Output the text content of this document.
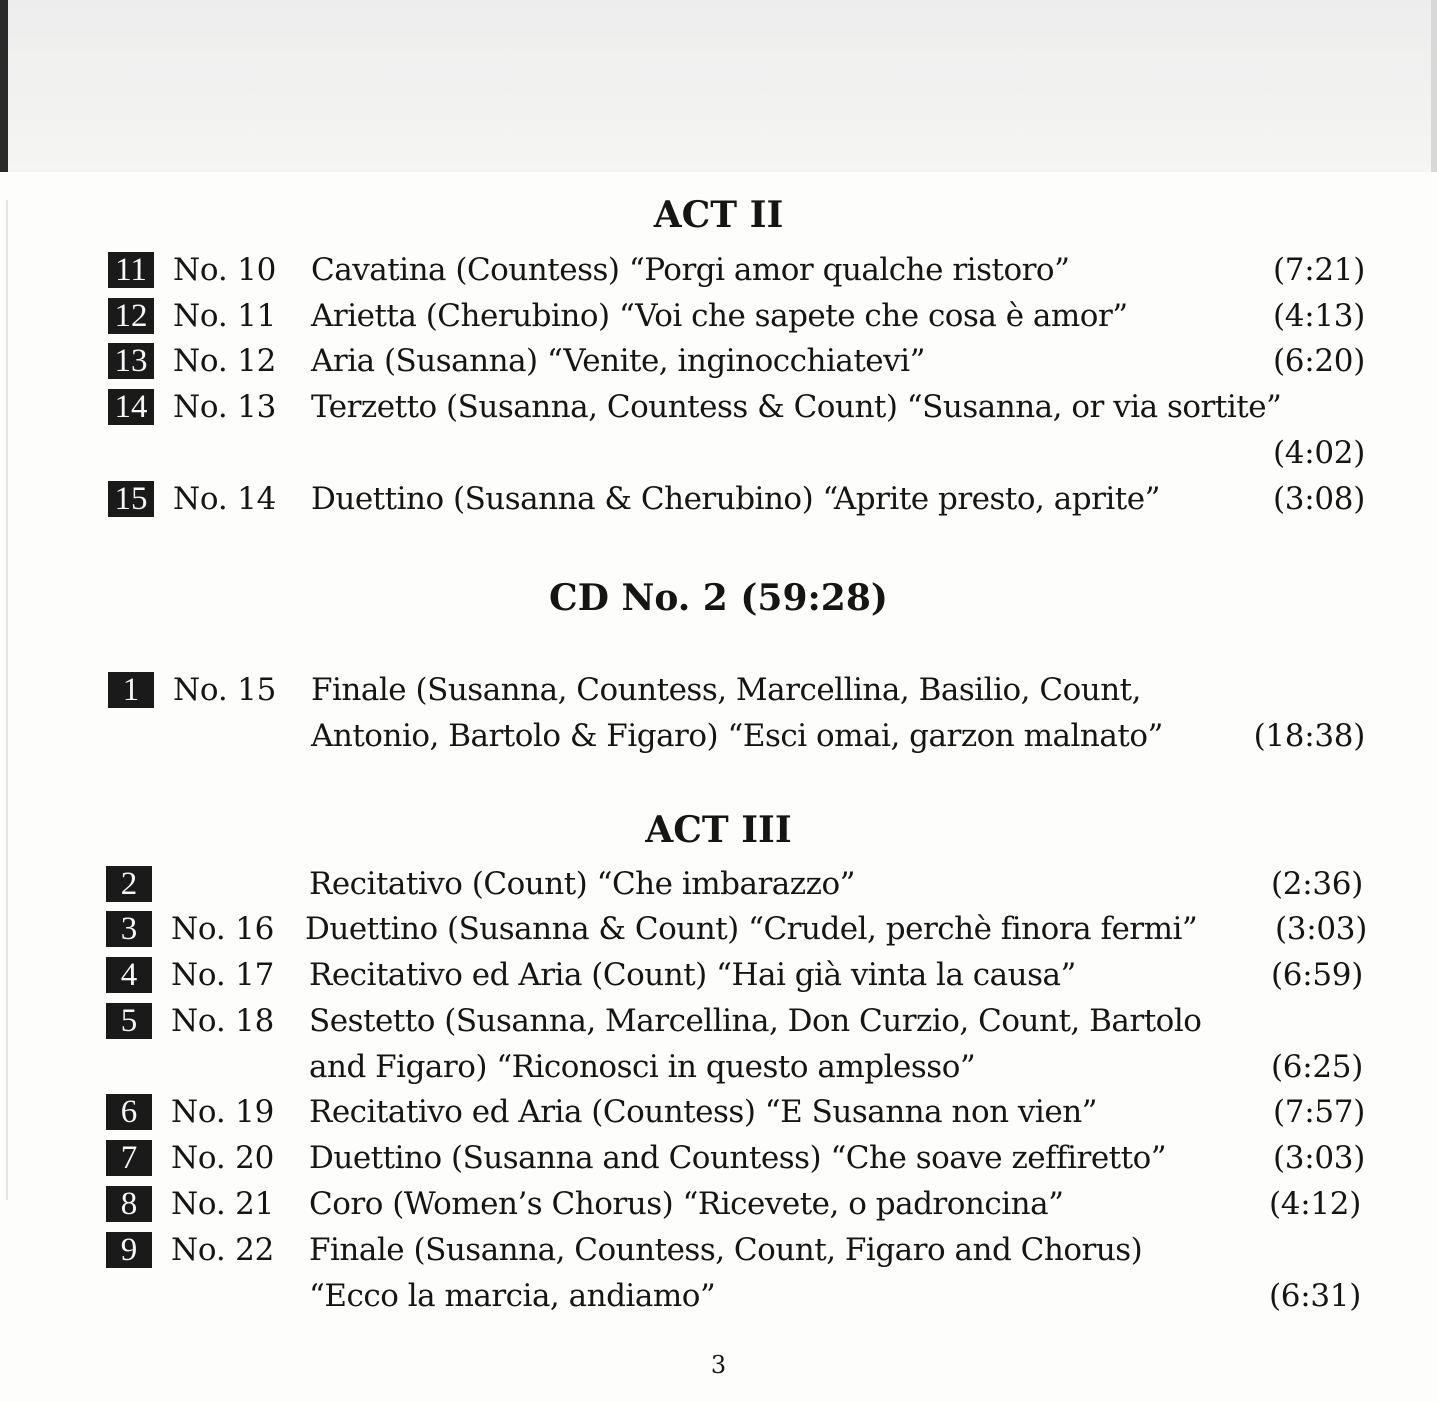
ACT II
11 No. 10 Cavatina (Countess) “Porgi amor qualche ristoro”	(7:21)
12 No. 11 Arietta (Cherubino) “Voi che sapete che cosa è amor”	(4:13)
13 No. 12 Aria (Susanna) “Venite, inginocchiatevi”	(6:20)
14 No. 13 Terzetto (Susanna, Countess & Count) “Susanna, or via sortite”
(4:02)
15 No. 14 Duettino (Susanna & Cherubino) “Aprite presto, aprite”	(3:08)
CD No. 2 (59:28)
1	No. 15 Finale (Susanna, Countess, Marcellina, Basilio, Count,
Antonio, Bartolo & Figaro) “Esci omai, garzon malnato”	(18:38)
ACT III
2	Recitativo (Count) “Che imbarazzo”	(2:36)
3	No. 16 Duettino (Susanna & Count) “Crudel, perchè finora fermi”	(3:03)
4	No. 17 Recitativo ed Aria (Count) “Hai già vinta la causa”	(6:59)
5	No. 18 Sestetto (Susanna, Marcellina, Don Curzio, Count, Bartolo
and Figaro) “Riconosci in questo amplesso”	(6:25)
6	No. 19 Recitativo ed Aria (Countess) “E Susanna non vien”	(7:57)
7	No. 20 Duettino (Susanna and Countess) “Che soave zeffiretto”	(3:03)
8	No. 21 Coro (Women’s Chorus) “Ricevete, o padroncina”	(4:12)
9	No. 22 Finale (Susanna, Countess, Count, Figaro and Chorus)
“Ecco la marcia, andiamo”	(6:31)
3
